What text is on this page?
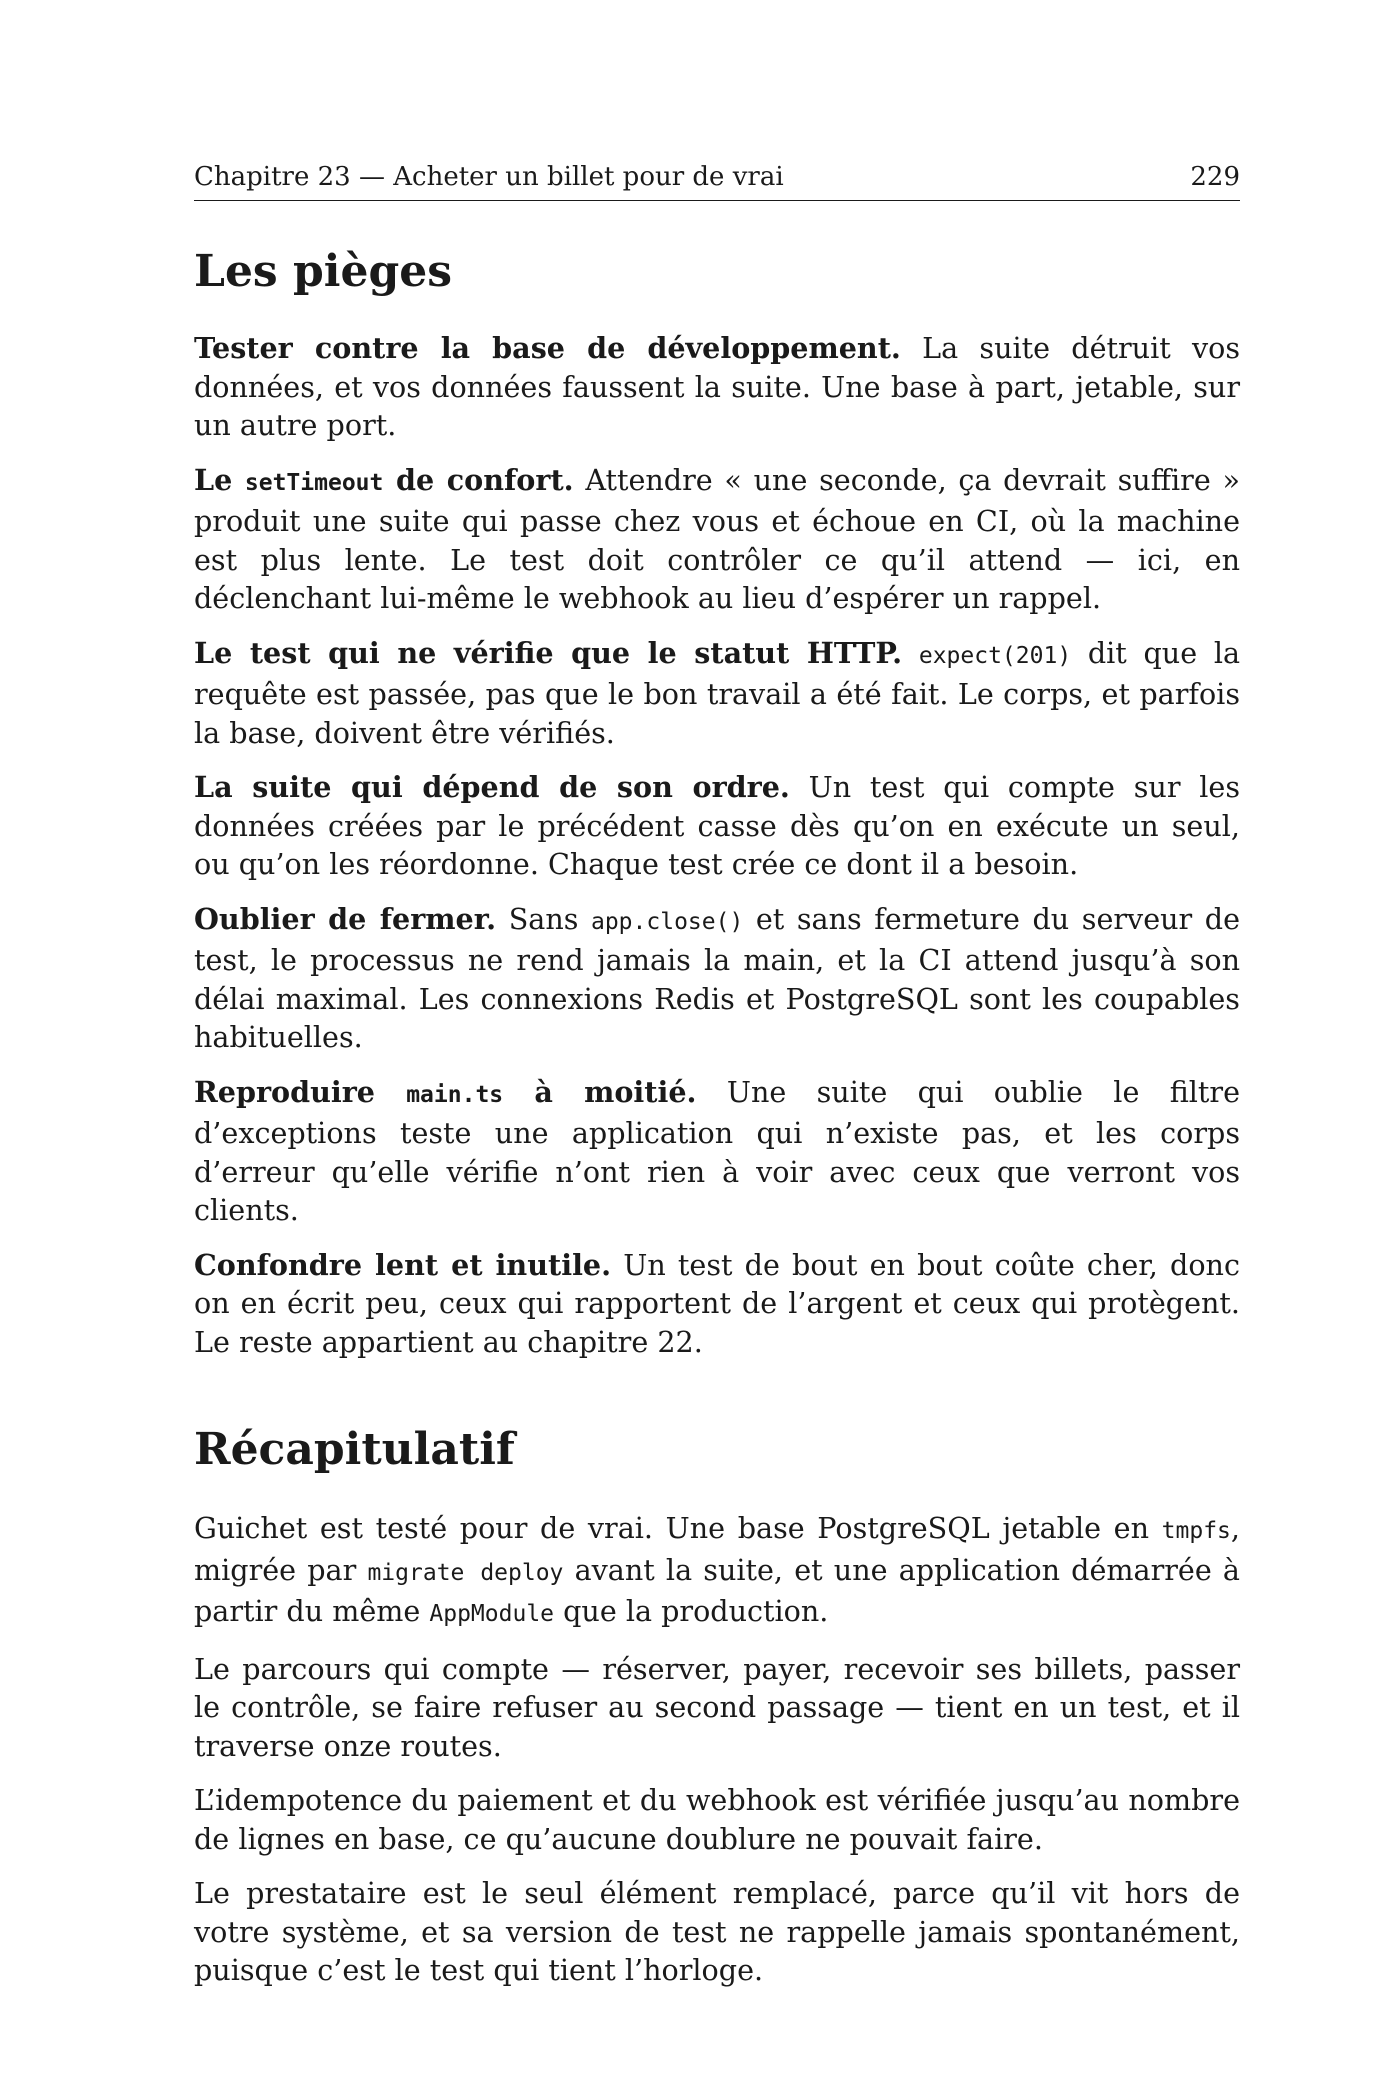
Chapitre 23 — Acheter un billet pour de vrai	229
Les pièges

Tester contre la base de développement. La suite détruit vos données, et vos données faussent la suite. Une base à part, jetable, sur un autre port.

Le setTimeout de confort. Attendre « une seconde, ça devrait suffire » produit une suite qui passe chez vous et échoue en CI, où la machine est plus lente. Le test doit contrôler ce qu’il attend — ici, en déclenchant lui-même le webhook au lieu d’espérer un rappel.

Le test qui ne vérifie que le statut HTTP. expect(201) dit que la requête est passée, pas que le bon travail a été fait. Le corps, et parfois la base, doivent être vérifiés.

La suite qui dépend de son ordre. Un test qui compte sur les données créées par le précédent casse dès qu’on en exécute un seul, ou qu’on les réordonne. Chaque test crée ce dont il a besoin.

Oublier de fermer. Sans app.close() et sans fermeture du serveur de test, le processus ne rend jamais la main, et la CI attend jusqu’à son délai maximal. Les connexions Redis et PostgreSQL sont les coupables habituelles.

Reproduire main.ts à moitié. Une suite qui oublie le filtre d’exceptions teste une application qui n’existe pas, et les corps d’erreur qu’elle vérifie n’ont rien à voir avec ceux que verront vos clients.

Confondre lent et inutile. Un test de bout en bout coûte cher, donc on en écrit peu, ceux qui rapportent de l’argent et ceux qui protègent. Le reste appartient au chapitre 22.

Récapitulatif

Guichet est testé pour de vrai. Une base PostgreSQL jetable en tmpfs, migrée par migrate deploy avant la suite, et une application démarrée à partir du même AppModule que la production.

Le parcours qui compte — réserver, payer, recevoir ses billets, passer le contrôle, se faire refuser au second passage — tient en un test, et il traverse onze routes.

L’idempotence du paiement et du webhook est vérifiée jusqu’au nombre de lignes en base, ce qu’aucune doublure ne pouvait faire.

Le prestataire est le seul élément remplacé, parce qu’il vit hors de votre système, et sa version de test ne rappelle jamais spontanément, puisque c’est le test qui tient l’horloge.
